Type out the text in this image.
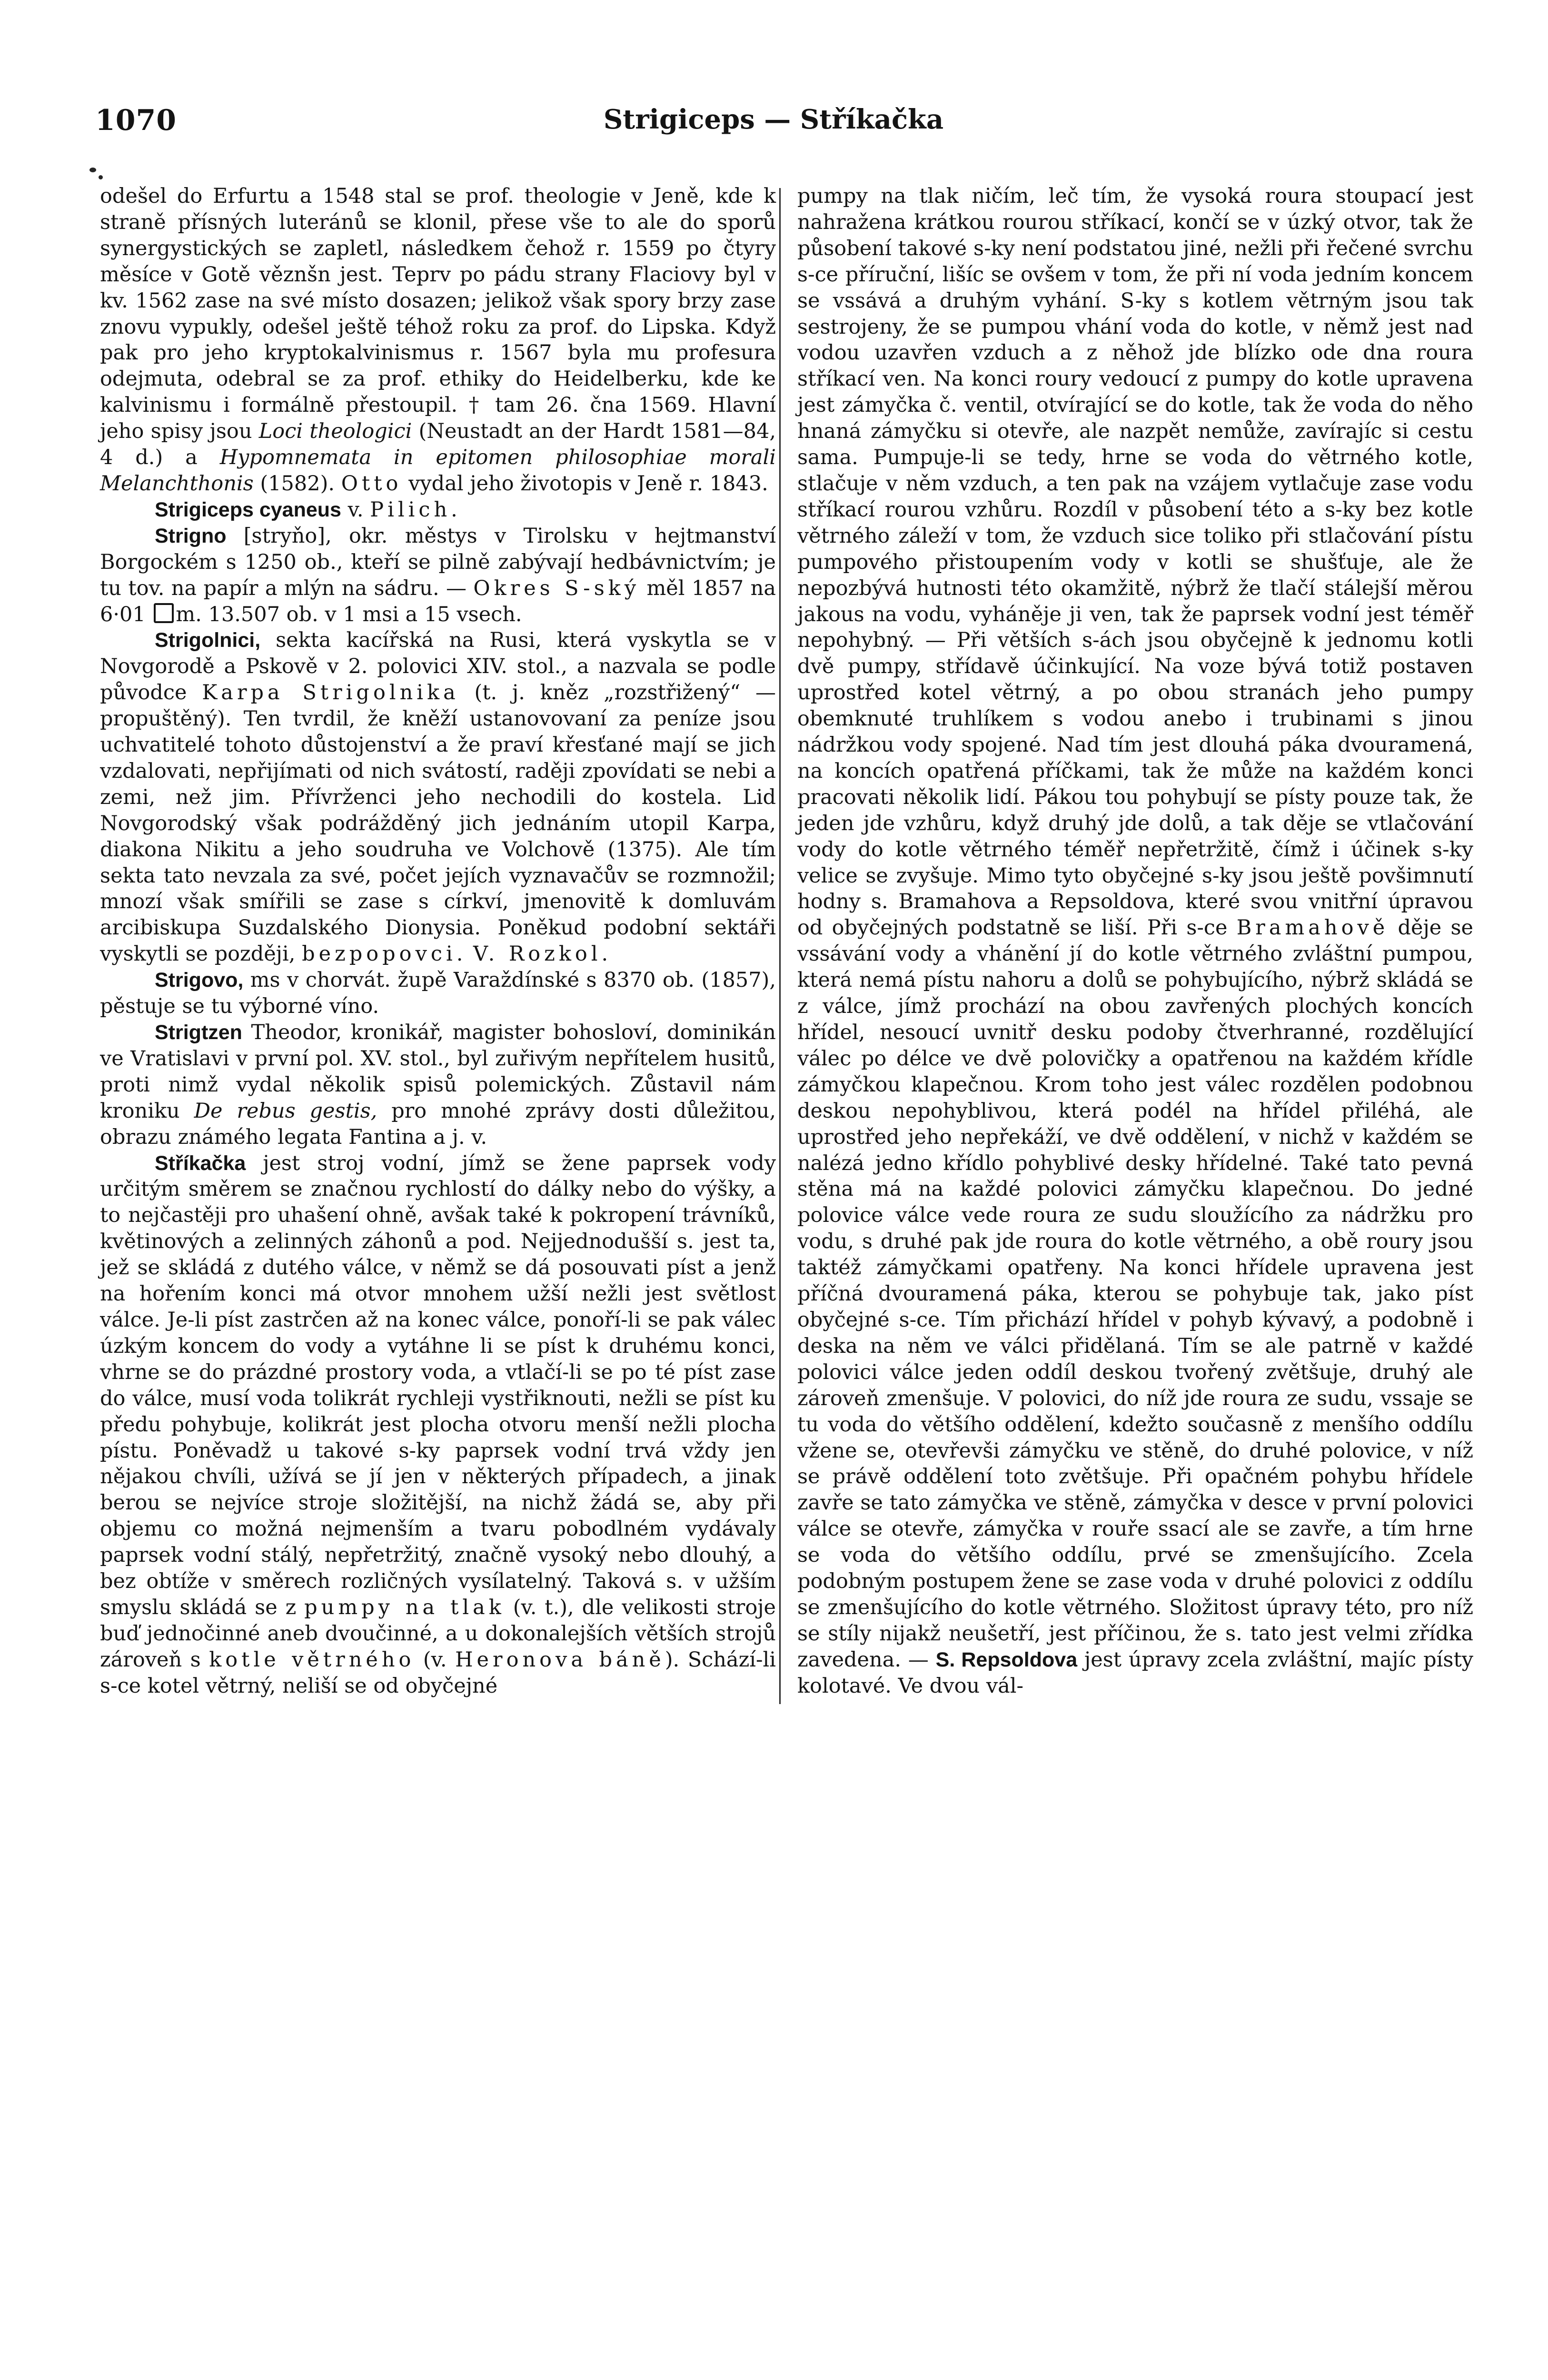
1070	Strigiceps — Stříkačka

odešel do Erfurtu a 1548 stal se prof. theologie v Jeně, kde k straně přísných luteránů se klonil, přese vše to ale do sporů synergystických se zapletl, následkem čehož r. 1559 po čtyry měsíce v Gotě věznšn jest. Teprv po pádu strany Flaciovy byl v kv. 1562 zase na své místo dosazen; jelikož však spory brzy zase znovu vypukly, odešel ještě téhož roku za prof. do Lipska. Když pak pro jeho kryptokalvinismus r. 1567 byla mu profesura odejmuta, odebral se za prof. ethiky do Heidelberku, kde ke kalvinismu i formálně přestoupil. † tam 26. čna 1569. Hlavní jeho spisy jsou Loci theologici (Neustadt an der Hardt 1581—84, 4 d.) a Hypomnemata in epitomen philosophiae morali Melanchthonis (1582). Otto vydal jeho životopis v Jeně r. 1843.

Strigiceps cyaneus v. Pilich.

Strigno [stryňo], okr. městys v Tirolsku v hejtmanství Borgockém s 1250 ob., kteří se pilně zabývají hedbávnictvím; je tu tov. na papír a mlýn na sádru. — Okres S-ský měl 1857 na 6·01 m. 13.507 ob. v 1 msi a 15 vsech.

Strigolnici, sekta kacířská na Rusi, která vyskytla se v Novgorodě a Pskově v 2. polovici XIV. stol., a nazvala se podle původce Karpa Strigolnika (t. j. kněz „rozstřižený“ — propuštěný). Ten tvrdil, že kněží ustanovovaní za peníze jsou uchvatitelé tohoto důstojenství a že praví křesťané mají se jich vzdalovati, nepřijímati od nich svátostí, raději zpovídati se nebi a zemi, než jim. Přívrženci jeho nechodili do kostela. Lid Novgorodský však podrážděný jich jednáním utopil Karpa, diakona Nikitu a jeho soudruha ve Volchově (1375). Ale tím sekta tato nevzala za své, počet jejích vyznavačův se rozmnožil; mnozí však smířili se zase s církví, jmenovitě k domluvám arcibiskupa Suzdalského Dionysia. Poněkud podobní sektáři vyskytli se později, bezpopovci. V. Rozkol.

Strigovo, ms v chorvát. župě Varaždínské s 8370 ob. (1857), pěstuje se tu výborné víno.

Strigtzen Theodor, kronikář, magister bohosloví, dominikán ve Vratislavi v první pol. XV. stol., byl zuřivým nepřítelem husitů, proti nimž vydal několik spisů polemických. Zůstavil nám kroniku De rebus gestis, pro mnohé zprávy dosti důležitou, obrazu známého legata Fantina a j. v.

Stříkačka jest stroj vodní, jímž se žene paprsek vody určitým směrem se značnou rychlostí do dálky nebo do výšky, a to nejčastěji pro uhašení ohně, avšak také k pokropení trávníků, květinových a zelinných záhonů a pod. Nejjednodušší s. jest ta, jež se skládá z dutého válce, v němž se dá posouvati píst a jenž na hořením konci má otvor mnohem užší nežli jest světlost válce. Je-li píst zastrčen až na konec válce, ponoří-li se pak válec úzkým koncem do vody a vytáhne li se píst k druhému konci, vhrne se do prázdné prostory voda, a vtlačí-li se po té píst zase do válce, musí voda tolikrát rychleji vystřiknouti, nežli se píst ku předu pohybuje, kolikrát jest plocha otvoru menší nežli plocha pístu. Poněvadž u takové s-ky paprsek vodní trvá vždy jen nějakou chvíli, užívá se jí jen v některých případech, a jinak berou se nejvíce stroje složitější, na nichž žádá se, aby při objemu co možná nejmenším a tvaru pobodlném vydávaly paprsek vodní stálý, nepřetržitý, značně vysoký nebo dlouhý, a bez obtíže v směrech rozličných vysílatelný. Taková s. v užším smyslu skládá se z pumpy na tlak (v. t.), dle velikosti stroje buď jednočinné aneb dvoučinné, a u dokonalejších větších strojů zároveň s kotle větrného (v. Heronova báně). Schází-li s-ce kotel větrný, neliší se od obyčejné

pumpy na tlak ničím, leč tím, že vysoká roura stoupací jest nahražena krátkou rourou stříkací, končí se v úzký otvor, tak že působení takové s-ky není podstatou jiné, nežli při řečené svrchu s-ce příruční, lišíc se ovšem v tom, že při ní voda jedním koncem se vssává a druhým vyhání. S-ky s kotlem větrným jsou tak sestrojeny, že se pumpou vhání voda do kotle, v němž jest nad vodou uzavřen vzduch a z něhož jde blízko ode dna roura stříkací ven. Na konci roury vedoucí z pumpy do kotle upravena jest zámyčka č. ventil, otvírající se do kotle, tak že voda do něho hnaná zámyčku si otevře, ale nazpět nemůže, zavírajíc si cestu sama. Pumpuje-li se tedy, hrne se voda do větrného kotle, stlačuje v něm vzduch, a ten pak na vzájem vytlačuje zase vodu stříkací rourou vzhůru. Rozdíl v působení této a s-ky bez kotle větrného záleží v tom, že vzduch sice toliko při stlačování pístu pumpového přistoupením vody v kotli se shušťuje, ale že nepozbývá hutnosti této okamžitě, nýbrž že tlačí stálejší měrou jakous na vodu, vyháněje ji ven, tak že paprsek vodní jest téměř nepohybný. — Při větších s-ách jsou obyčejně k jednomu kotli dvě pumpy, střídavě účinkující. Na voze bývá totiž postaven uprostřed kotel větrný, a po obou stranách jeho pumpy obemknuté truhlíkem s vodou anebo i trubinami s jinou nádržkou vody spojené. Nad tím jest dlouhá páka dvouramená, na koncích opatřená příčkami, tak že může na každém konci pracovati několik lidí. Pákou tou pohybují se písty pouze tak, že jeden jde vzhůru, když druhý jde dolů, a tak děje se vtlačování vody do kotle větrného téměř nepřetržitě, čímž i účinek s-ky velice se zvyšuje. Mimo tyto obyčejné s-ky jsou ještě povšimnutí hodny s. Bramahova a Repsoldova, které svou vnitřní úpravou od obyčejných podstatně se liší. Při s-ce Bramahově děje se vssávání vody a vhánění jí do kotle větrného zvláštní pumpou, která nemá pístu nahoru a dolů se pohybujícího, nýbrž skládá se z válce, jímž prochází na obou zavřených plochých koncích hřídel, nesoucí uvnitř desku podoby čtverhranné, rozdělující válec po délce ve dvě polovičky a opatřenou na každém křídle zámyčkou klapečnou. Krom toho jest válec rozdělen podobnou deskou nepohyblivou, která podél na hřídel přiléhá, ale uprostřed jeho nepřekáží, ve dvě oddělení, v nichž v každém se nalézá jedno křídlo pohyblivé desky hřídelné. Také tato pevná stěna má na každé polovici zámyčku klapečnou. Do jedné polovice válce vede roura ze sudu sloužícího za nádržku pro vodu, s druhé pak jde roura do kotle větrného, a obě roury jsou taktéž zámyčkami opatřeny. Na konci hřídele upravena jest příčná dvouramená páka, kterou se pohybuje tak, jako píst obyčejné s-ce. Tím přichází hřídel v pohyb kývavý, a podobně i deska na něm ve válci přidělaná. Tím se ale patrně v každé polovici válce jeden oddíl deskou tvořený zvětšuje, druhý ale zároveň zmenšuje. V polovici, do níž jde roura ze sudu, vssaje se tu voda do většího oddělení, kdežto současně z menšího oddílu vžene se, otevřevši zámyčku ve stěně, do druhé polovice, v níž se právě oddělení toto zvětšuje. Při opačném pohybu hřídele zavře se tato zámyčka ve stěně, zámyčka v desce v první polovici válce se otevře, zámyčka v rouře ssací ale se zavře, a tím hrne se voda do většího oddílu, prvé se zmenšujícího. Zcela podobným postupem žene se zase voda v druhé polovici z oddílu se zmenšujícího do kotle větrného. Složitost úpravy této, pro níž se stíly nijakž neušetří, jest příčinou, že s. tato jest velmi zřídka zavedena. — S. Repsoldova jest úpravy zcela zvláštní, majíc písty kolotavé. Ve dvou vál-
